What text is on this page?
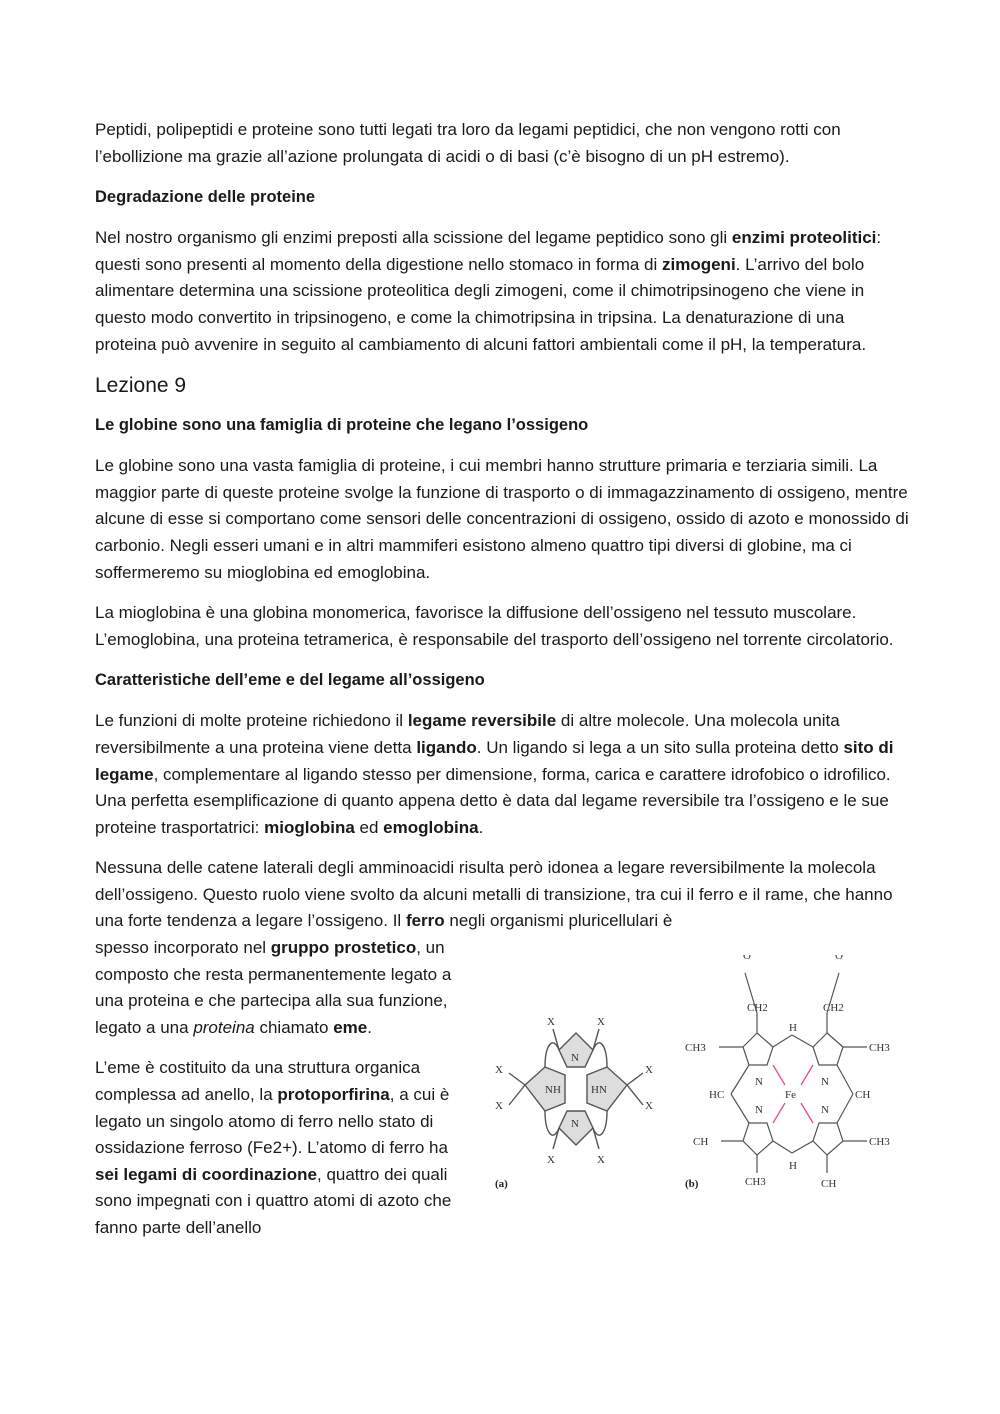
Peptidi, polipeptidi e proteine sono tutti legati tra loro da legami peptidici, che non vengono rotti con l’ebollizione ma grazie all’azione prolungata di acidi o di basi (c’è bisogno di un pH estremo).

Degradazione delle proteine

Nel nostro organismo gli enzimi preposti alla scissione del legame peptidico sono gli enzimi proteolitici: questi sono presenti al momento della digestione nello stomaco in forma di zimogeni. L’arrivo del bolo alimentare determina una scissione proteolitica degli zimogeni, come il chimotripsinogeno che viene in questo modo convertito in tripsinogeno, e come la chimotripsina in tripsina. La denaturazione di una proteina può avvenire in seguito al cambiamento di alcuni fattori ambientali come il pH, la temperatura.

Lezione 9

Le globine sono una famiglia di proteine che legano l’ossigeno

Le globine sono una vasta famiglia di proteine, i cui membri hanno strutture primaria e terziaria simili. La maggior parte di queste proteine svolge la funzione di trasporto o di immagazzinamento di ossigeno, mentre alcune di esse si comportano come sensori delle concentrazioni di ossigeno, ossido di azoto e monossido di carbonio. Negli esseri umani e in altri mammiferi esistono almeno quattro tipi diversi di globine, ma ci soffermeremo su mioglobina ed emoglobina.

La mioglobina è una globina monomerica, favorisce la diffusione dell’ossigeno nel tessuto muscolare. L’emoglobina, una proteina tetramerica, è responsabile del trasporto dell’ossigeno nel torrente circolatorio.

Caratteristiche dell’eme e del legame all’ossigeno

Le funzioni di molte proteine richiedono il legame reversibile di altre molecole. Una molecola unita reversibilmente a una proteina viene detta ligando. Un ligando si lega a un sito sulla proteina detto sito di legame, complementare al ligando stesso per dimensione, forma, carica e carattere idrofobico o idrofilico. Una perfetta esemplificazione di quanto appena detto è data dal legame reversibile tra l’ossigeno e le sue proteine trasportatrici: mioglobina ed emoglobina.

Nessuna delle catene laterali degli amminoacidi risulta però idonea a legare reversibilmente la molecola dell’ossigeno. Questo ruolo viene svolto da alcuni metalli di transizione, tra cui il ferro e il rame, che hanno una forte tendenza a legare l’ossigeno. Il ferro negli organismi pluricellulari è

spesso incorporato nel gruppo prostetico, un composto che resta permanentemente legato a una proteina e che partecipa alla sua funzione, legato a una proteina chiamato eme.

L’eme è costituito da una struttura organica complessa ad anello, la protoporfirina, a cui è legato un singolo atomo di ferro nello stato di ossidazione ferroso (Fe2+). L’atomo di ferro ha sei legami di coordinazione, quattro dei quali sono impegnati con i quattro atomi di azoto che fanno parte dell’anello

X	X
X	X
X
X
X
X
N
N
NH	HN
(a)
Fe
O	O
CH2	CH2
H
H
CH3	CH3
CH3
CH3
HC	CH
CH
CH
N	N
N	N
(b)
